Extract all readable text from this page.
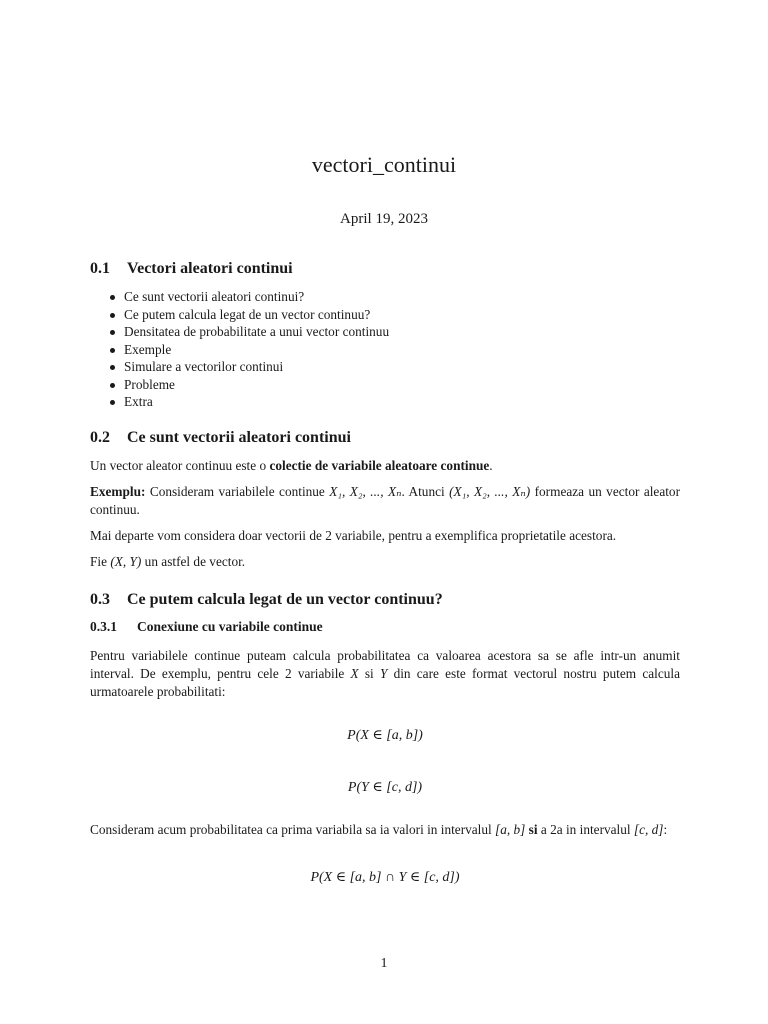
vectori_continui
April 19, 2023
0.1 Vectori aleatori continui
Ce sunt vectorii aleatori continui?
Ce putem calcula legat de un vector continuu?
Densitatea de probabilitate a unui vector continuu
Exemple
Simulare a vectorilor continui
Probleme
Extra
0.2 Ce sunt vectorii aleatori continui

Un vector aleator continuu este o colectie de variabile aleatoare continue.

Exemplu: Consideram variabilele continue X₁, X₂, ..., Xₙ. Atunci (X₁, X₂, ..., Xₙ) formeaza un vector aleator continuu.

Mai departe vom considera doar vectorii de 2 variabile, pentru a exemplifica proprietatile acestora.

Fie (X, Y) un astfel de vector.

0.3 Ce putem calcula legat de un vector continuu?
0.3.1 Conexiune cu variabile continue

Pentru variabilele continue puteam calcula probabilitatea ca valoarea acestora sa se afle intr-un anumit interval. De exemplu, pentru cele 2 variabile X si Y din care este format vectorul nostru putem calcula urmatoarele probabilitati:

P(X ∈ [a, b])
P(Y ∈ [c, d])

Consideram acum probabilitatea ca prima variabila sa ia valori in intervalul [a, b] si a 2a in intervalul [c, d]:

P(X ∈ [a, b] ∩ Y ∈ [c, d])
1
